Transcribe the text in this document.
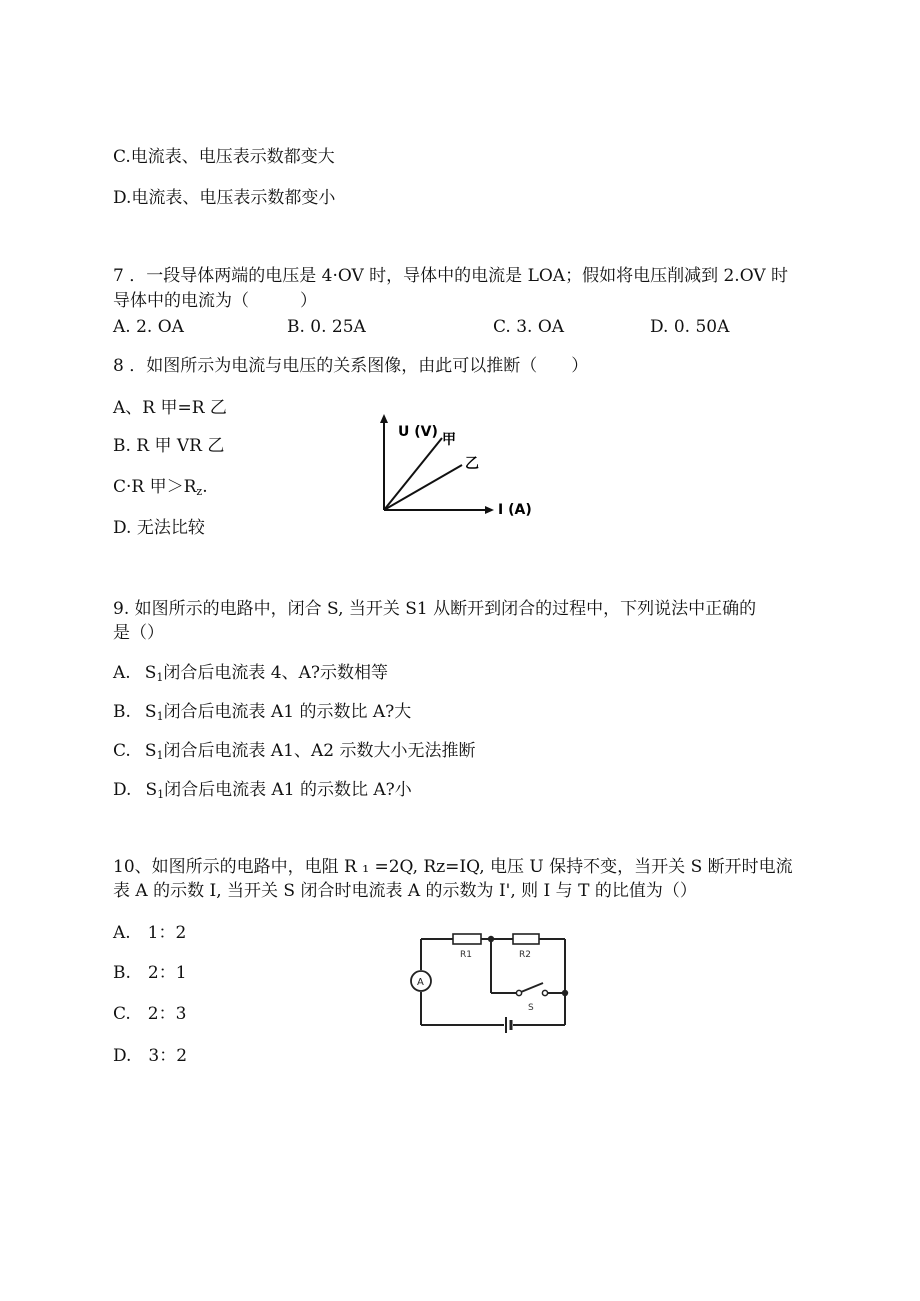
C.电流表、电压表示数都变大
D.电流表、电压表示数都变小
7 ．一段导体两端的电压是 4·OV 时，导体中的电流是 LOA；假如将电压削减到 2.OV 时
导体中的电流为（　　　）
A. 2. OA	B. 0. 25A	C. 3. OA	D. 0. 50A
8 ．如图所示为电流与电压的关系图像，由此可以推断（　　）
A、R 甲=R 乙
B. R 甲 VR 乙
C·R 甲$>R_z$.
D. 无法比较
U (V)
I (A)
甲
乙
9. 如图所示的电路中，闭合 S, 当开关 S1 从断开到闭合的过程中，下列说法中正确的
是（）
A. $S_1$闭合后电流表 4、A?示数相等
B. $S_1$闭合后电流表 A1 的示数比 A?大
C. $S_1$闭合后电流表 A1、A2 示数大小无法推断
D. $S_1$闭合后电流表 A1 的示数比 A?小
10、如图所示的电路中，电阻 R ₁ =2Q, Rz=IQ, 电压 U 保持不变，当开关 S 断开时电流
表 A 的示数 I, 当开关 S 闭合时电流表 A 的示数为 I', 则 I 与 T 的比值为（）
A.　1：2
B.　2：1
C.　2：3
D.　3：2
R1	R2
A
S
